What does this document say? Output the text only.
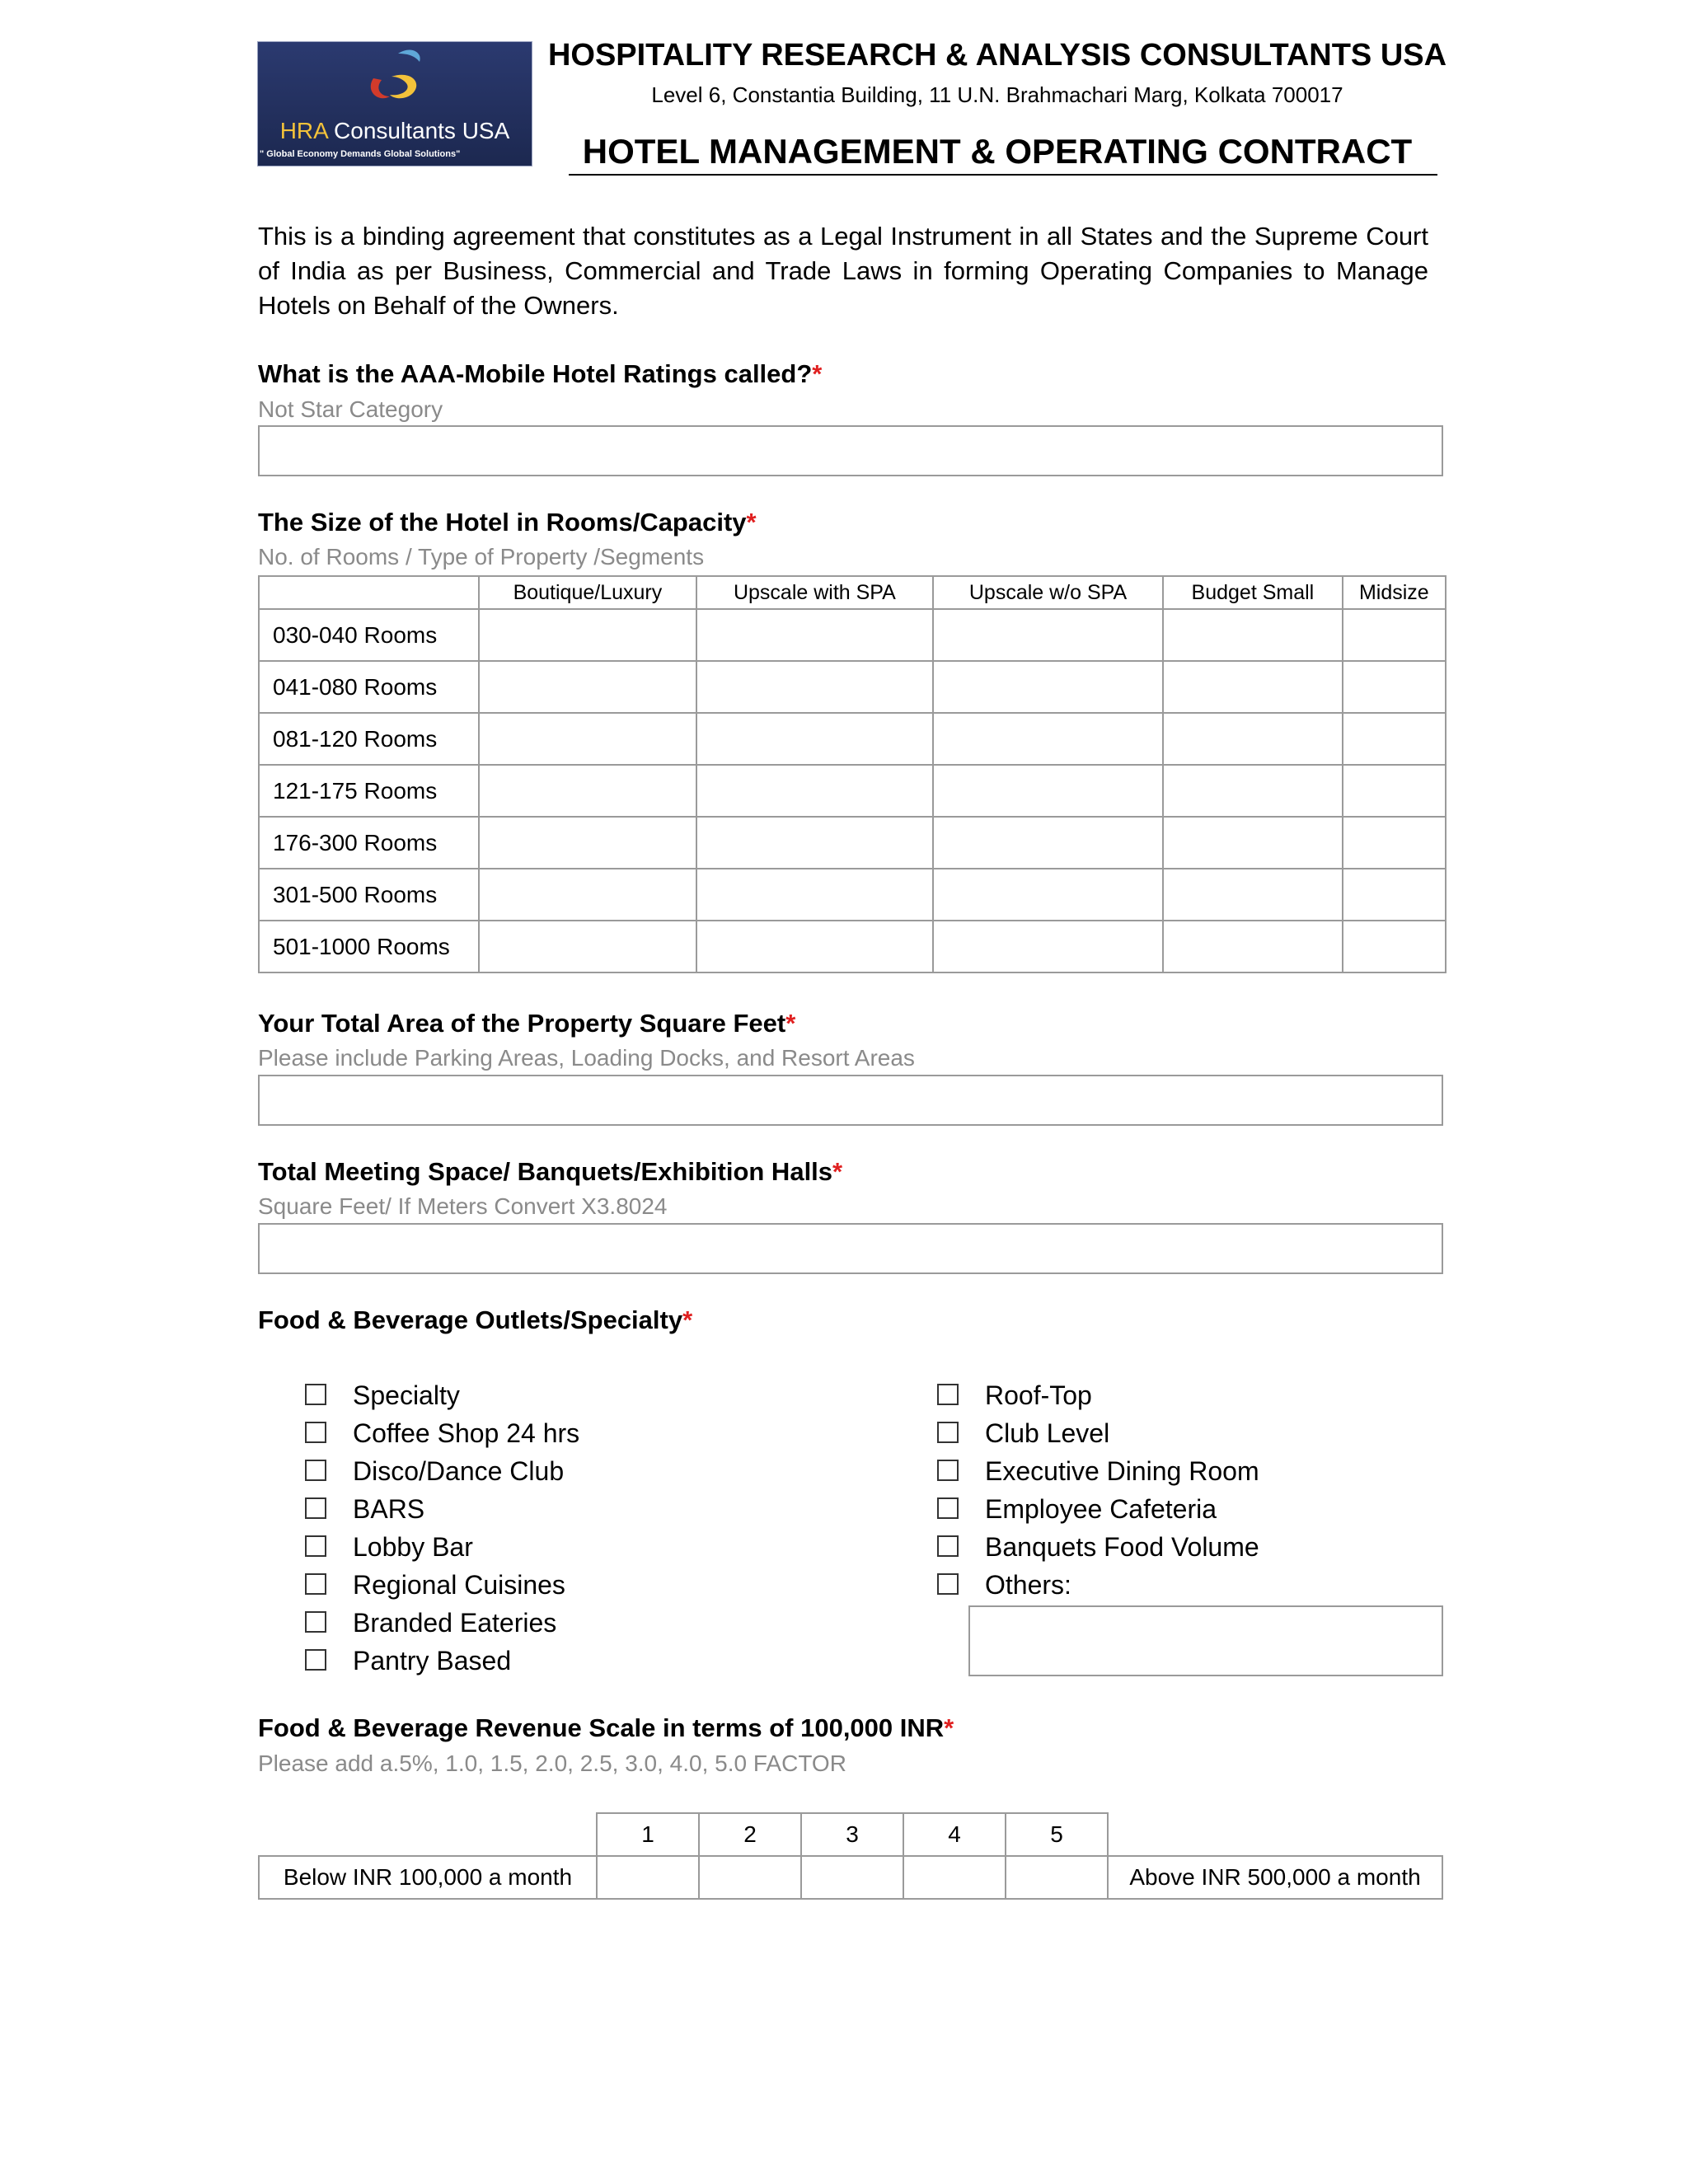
HRA Consultants USA
" Global Economy Demands Global Solutions"
HOSPITALITY RESEARCH & ANALYSIS CONSULTANTS USA
Level 6, Constantia Building, 11 U.N. Brahmachari Marg, Kolkata 700017
HOTEL MANAGEMENT & OPERATING CONTRACT
This is a binding agreement that constitutes as a Legal Instrument in all States and the Supreme Court of India as per Business, Commercial and Trade Laws in forming Operating Companies to Manage Hotels on Behalf of the Owners.
What is the AAA-Mobile Hotel Ratings called?*
Not Star Category
The Size of the Hotel in Rooms/Capacity*
No. of Rooms / Type of Property /Segments
	Boutique/Luxury	Upscale with SPA	Upscale w/o SPA	Budget Small	Midsize
030-040 Rooms					
041-080 Rooms					
081-120 Rooms					
121-175 Rooms					
176-300 Rooms					
301-500 Rooms					
501-1000 Rooms					
Your Total Area of the Property Square Feet*
Please include Parking Areas, Loading Docks, and Resort Areas
Total Meeting Space/ Banquets/Exhibition Halls*
Square Feet/ If Meters Convert X3.8024
Food & Beverage Outlets/Specialty*
Specialty
Coffee Shop 24 hrs
Disco/Dance Club
BARS
Lobby Bar
Regional Cuisines
Branded Eateries
Pantry Based
Roof-Top
Club Level
Executive Dining Room
Employee Cafeteria
Banquets Food Volume
Others:
Food & Beverage Revenue Scale in terms of 100,000 INR*
Please add a.5%, 1.0, 1.5, 2.0, 2.5, 3.0, 4.0, 5.0 FACTOR
	1	2	3	4	5	
Below INR 100,000 a month						Above INR 500,000 a month
